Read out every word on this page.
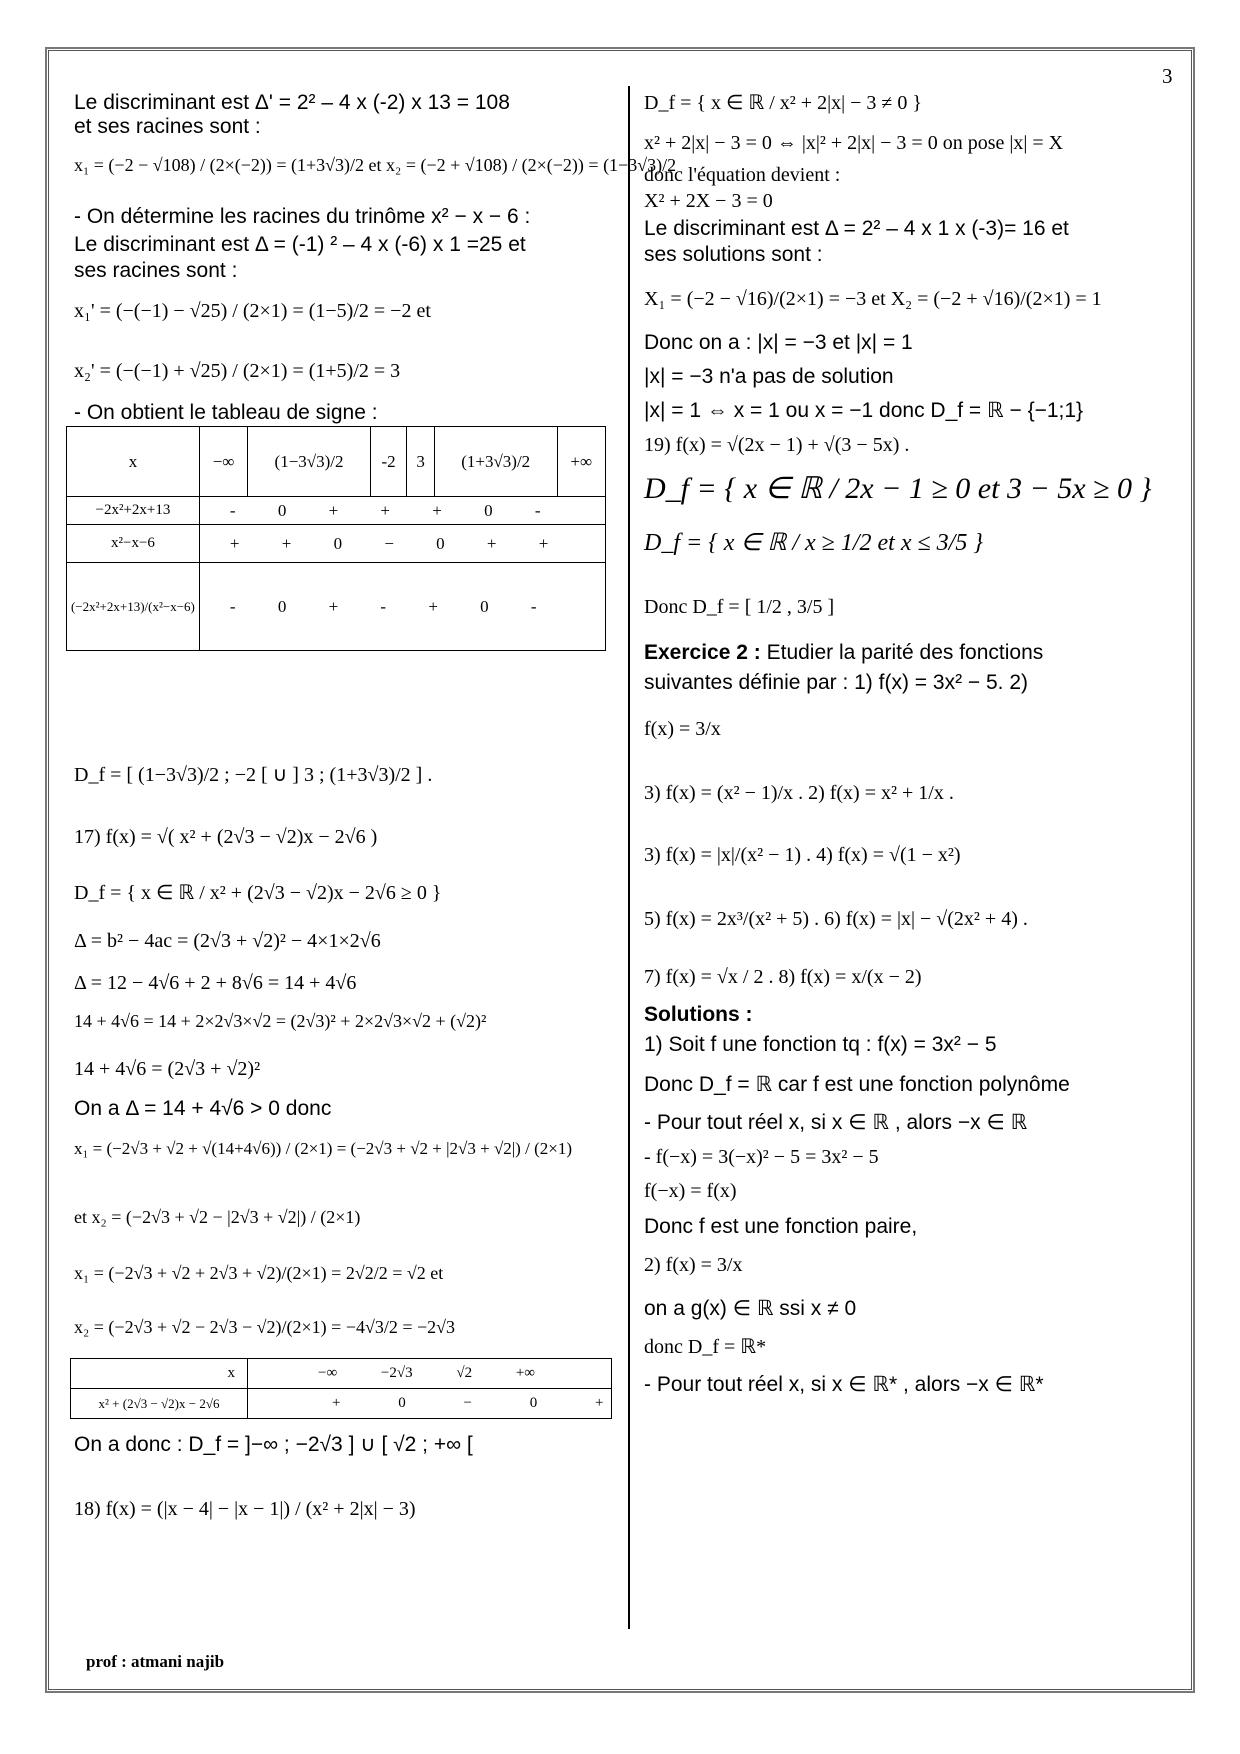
3
Le discriminant est Δ' = 2² – 4 x (-2) x 13 = 108
et ses racines sont :
x₁ = (−2 − √108) / (2×(−2)) = (1+3√3)/2 et x₂ = (−2 + √108) / (2×(−2)) = (1−3√3)/2
- On détermine les racines du trinôme x² − x − 6 :
Le discriminant est Δ = (-1) ² – 4 x (-6) x 1 =25 et
ses racines sont :
x₁' = (−(−1) − √25) / (2×1) = (1−5)/2 = −2 et
x₂' = (−(−1) + √25) / (2×1) = (1+5)/2 = 3
- On obtient le tableau de signe :
x	−∞	(1−3√3)/2	-2	3	(1+3√3)/2	+∞
−2x²+2x+13	- 0 + + + 0 -					
x²−x−6	+ + 0 − 0 + +					
(−2x²+2x+13)/(x²−x−6)	- 0 + - + 0 -					
D_f = [ (1−3√3)/2 ; −2 [ ∪ ] 3 ; (1+3√3)/2 ] .
17) f(x) = √( x² + (2√3 − √2)x − 2√6 )
D_f = { x ∈ ℝ / x² + (2√3 − √2)x − 2√6 ≥ 0 }
Δ = b² − 4ac = (2√3 + √2)² − 4×1×2√6
Δ = 12 − 4√6 + 2 + 8√6 = 14 + 4√6
14 + 4√6 = 14 + 2×2√3×√2 = (2√3)² + 2×2√3×√2 + (√2)²
14 + 4√6 = (2√3 + √2)²
On a Δ = 14 + 4√6 > 0 donc
x₁ = (−2√3 + √2 + √(14+4√6)) / (2×1) = (−2√3 + √2 + |2√3 + √2|) / (2×1)
et x₂ = (−2√3 + √2 − |2√3 + √2|) / (2×1)
x₁ = (−2√3 + √2 + 2√3 + √2)/(2×1) = 2√2/2 = √2 et
x₂ = (−2√3 + √2 − 2√3 − √2)/(2×1) = −4√3/2 = −2√3
x	−∞ −2√3 √2 +∞
x² + (2√3 − √2)x − 2√6	+ 0 − 0 +
On a donc : D_f = ]−∞ ; −2√3 ] ∪ [ √2 ; +∞ [
18) f(x) = (|x − 4| − |x − 1|) / (x² + 2|x| − 3)
D_f = { x ∈ ℝ / x² + 2|x| − 3 ≠ 0 }
x² + 2|x| − 3 = 0 ⇔ |x|² + 2|x| − 3 = 0 on pose |x| = X
donc l'équation devient :
X² + 2X − 3 = 0
Le discriminant est Δ = 2² – 4 x 1 x (-3)= 16 et
ses solutions sont :
X₁ = (−2 − √16)/(2×1) = −3 et X₂ = (−2 + √16)/(2×1) = 1
Donc on a : |x| = −3 et |x| = 1
|x| = −3 n'a pas de solution
|x| = 1 ⇔ x = 1 ou x = −1 donc D_f = ℝ − {−1;1}
19) f(x) = √(2x − 1) + √(3 − 5x) .
D_f = { x ∈ ℝ / 2x − 1 ≥ 0 et 3 − 5x ≥ 0 }
D_f = { x ∈ ℝ / x ≥ 1/2 et x ≤ 3/5 }
Donc D_f = [ 1/2 , 3/5 ]
Exercice 2 : Etudier la parité des fonctions
suivantes définie par : 1) f(x) = 3x² − 5. 2)
f(x) = 3/x
3) f(x) = (x² − 1)/x . 2) f(x) = x² + 1/x .
3) f(x) = |x|/(x² − 1) . 4) f(x) = √(1 − x²)
5) f(x) = 2x³/(x² + 5) . 6) f(x) = |x| − √(2x² + 4) .
7) f(x) = √x / 2 . 8) f(x) = x/(x − 2)
Solutions :
1) Soit f une fonction tq : f(x) = 3x² − 5
Donc D_f = ℝ car f est une fonction polynôme
- Pour tout réel x, si x ∈ ℝ , alors −x ∈ ℝ
- f(−x) = 3(−x)² − 5 = 3x² − 5
f(−x) = f(x)
Donc f est une fonction paire,
2) f(x) = 3/x
on a g(x) ∈ ℝ ssi x ≠ 0
donc D_f = ℝ*
- Pour tout réel x, si x ∈ ℝ* , alors −x ∈ ℝ*
prof : atmani najib
